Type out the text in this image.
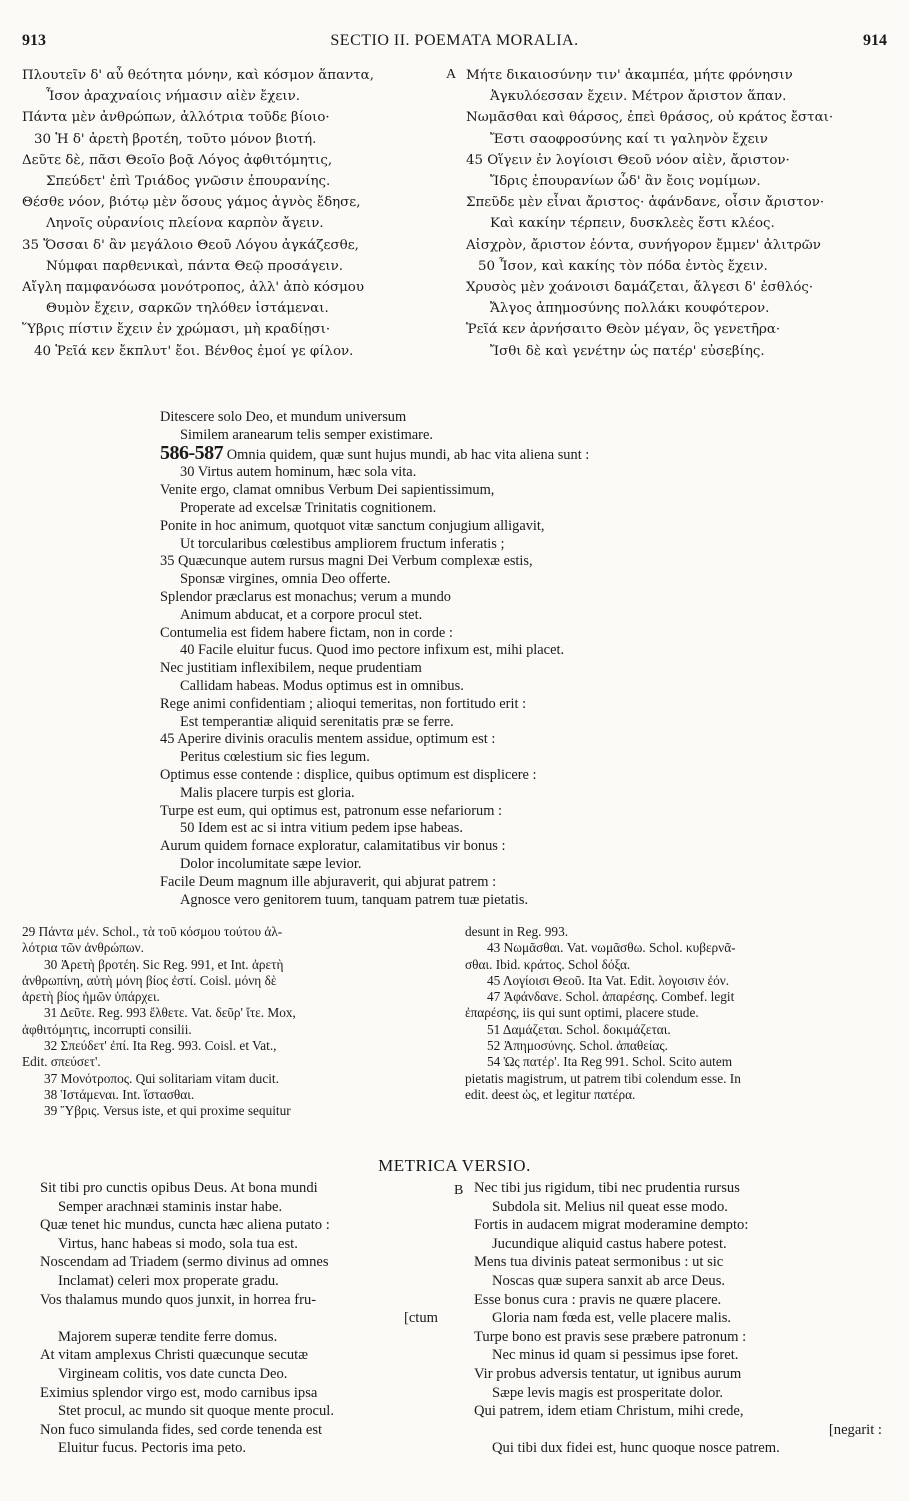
913	SECTIO II. POEMATA MORALIA.	914
Πλουτεῖν δ' αὖ θεότητα μόνην, καὶ κόσμον ἅπαντα,
Ἶσον ἀραχναίοις νήμασιν αἰὲν ἔχειν.
Πάντα μὲν ἀνθρώπων, ἀλλότρια τοῦδε βίοιο·
30 Ἡ δ' ἀρετὴ βροτέη, τοῦτο μόνον βιοτή.
Δεῦτε δὲ, πᾶσι Θεοῖο βοᾷ Λόγος ἀφθιτόμητις,
Σπεύδετ' ἐπὶ Τριάδος γνῶσιν ἐπουρανίης.
Θέσθε νόον, βιότῳ μὲν ὅσους γάμος ἁγνὸς ἔδησε,
Ληνοῖς οὐρανίοις πλείονα καρπὸν ἄγειν.
35 Ὅσσαι δ' ἂν μεγάλοιο Θεοῦ Λόγου ἀγκάζεσθε,
Νύμφαι παρθενικαὶ, πάντα Θεῷ προσάγειν.
Αἴγλη παμφανόωσα μονότροπος, ἀλλ' ἀπὸ κόσμου
Θυμὸν ἔχειν, σαρκῶν τηλόθεν ἱστάμεναι.
Ὕβρις πίστιν ἔχειν ἐν χρώμασι, μὴ κραδίῃσι·
40 Ῥεῖά κεν ἔκπλυτ' ἔοι. Βένθος ἐμοί γε φίλον.
A Μήτε δικαιοσύνην τιν' ἀκαμπέα, μήτε φρόνησιν
Ἀγκυλόεσσαν ἔχειν. Μέτρον ἄριστον ἅπαν.
Νωμᾶσθαι καὶ θάρσος, ἐπεὶ θράσος, οὐ κράτος ἔσται·
Ἔστι σαοφροσύνης καί τι γαληνὸν ἔχειν
45 Οἵγειν ἐν λογίοισι Θεοῦ νόον αἰὲν, ἄριστον·
Ἴδρις ἐπουρανίων ὧδ' ἂν ἔοις νομίμων.
Σπεῦδε μὲν εἶναι ἄριστος· ἁφάνδανε, οἷσιν ἄριστον·
Καὶ κακίην τέρπειν, δυσκλεὲς ἔστι κλέος.
Αἰσχρὸν, ἄριστον ἐόντα, συνήγορον ἔμμεν' ἀλιτρῶν
50 Ἶσον, καὶ κακίης τὸν πόδα ἐντὸς ἔχειν.
Χρυσὸς μὲν χοάνοισι δαμάζεται, ἄλγεσι δ' ἐσθλός·
Ἄλγος ἀπημοσύνης πολλάκι κουφότερον.
Ῥεῖά κεν ἀρνήσαιτο Θεὸν μέγαν, ὃς γενετῆρα·
Ἴσθι δὲ καὶ γενέτην ὡς πατέρ' εὐσεβίης.
Ditescere solo Deo, et mundum universum
Similem aranearum telis semper existimare.
586-587 Omnia quidem, quæ sunt hujus mundi, ab hac vita aliena sunt :
30 Virtus autem hominum, hæc sola vita.
Venite ergo, clamat omnibus Verbum Dei sapientissimum,
Properate ad excelsæ Trinitatis cognitionem.
Ponite in hoc animum, quotquot vitæ sanctum conjugium alligavit,
Ut torcularibus cœlestibus ampliorem fructum inferatis ;
35 Quæcunque autem rursus magni Dei Verbum complexæ estis,
Sponsæ virgines, omnia Deo offerte.
Splendor præclarus est monachus; verum a mundo
Animum abducat, et a corpore procul stet.
Contumelia est fidem habere fictam, non in corde :
40 Facile eluitur fucus. Quod imo pectore infixum est, mihi placet.
Nec justitiam inflexibilem, neque prudentiam
Callidam habeas. Modus optimus est in omnibus.
Rege animi confidentiam ; alioqui temeritas, non fortitudo erit :
Est temperantiæ aliquid serenitatis præ se ferre.
45 Aperire divinis oraculis mentem assidue, optimum est :
Peritus cœlestium sic fies legum.
Optimus esse contende : displice, quibus optimum est displicere :
Malis placere turpis est gloria.
Turpe est eum, qui optimus est, patronum esse nefariorum :
50 Idem est ac si intra vitium pedem ipse habeas.
Aurum quidem fornace exploratur, calamitatibus vir bonus :
Dolor incolumitate sæpe levior.
Facile Deum magnum ille abjuraverit, qui abjurat patrem :
Agnosce vero genitorem tuum, tanquam patrem tuæ pietatis.
29 Πάντα μέν. Schol., τὰ τοῦ κόσμου τούτου ἀλ-
λότρια τῶν ἀνθρώπων.
30 Ἀρετὴ βροτέη. Sic Reg. 991, et Int. ἀρετὴ
ἀνθρωπίνη, αὐτὴ μόνη βίος ἐστί. Coisl. μόνη δὲ
ἀρετὴ βίος ἡμῶν ὑπάρχει.
31 Δεῦτε. Reg. 993 ἔλθετε. Vat. δεῦρ' ἴτε. Mox,
ἀφθιτόμητις, incorrupti consilii.
32 Σπεύδετ' ἐπί. Ita Reg. 993. Coisl. et Vat.,
Edit. σπεύσετ'.
37 Μονότροπος. Qui solitariam vitam ducit.
38 Ἱστάμεναι. Int. ἵστασθαι.
39 Ὕβρις. Versus iste, et qui proxime sequitur
desunt in Reg. 993.
43 Νωμᾶσθαι. Vat. νωμᾶσθω. Schol. κυβερνᾶ-
σθαι. Ibid. κράτος. Schol δόξα.
45 Λογίοισι Θεοῦ. Ita Vat. Edit. λογοισιν ἐόν.
47 Ἁφάνδανε. Schol. ἀπαρέσης. Combef. legit
ἐπαρέσης, iis qui sunt optimi, placere stude.
51 Δαμάζεται. Schol. δοκιμάζεται.
52 Ἀπημοσύνης. Schol. ἀπαθείας.
54 Ὡς πατέρ'. Ita Reg 991. Schol. Scito autem
pietatis magistrum, ut patrem tibi colendum esse. In
edit. deest ὡς, et legitur πατέρα.
METRICA VERSIO.
Sit tibi pro cunctis opibus Deus. At bona mundi
Semper arachnæi staminis instar habe.
Quæ tenet hic mundus, cuncta hæc aliena putato :
Virtus, hanc habeas si modo, sola tua est.
Noscendam ad Triadem (sermo divinus ad omnes
Inclamat) celeri mox properate gradu.
Vos thalamus mundo quos junxit, in horrea fru-
[ctum
Majorem superæ tendite ferre domus.
At vitam amplexus Christi quæcunque secutæ
Virgineam colitis, vos date cuncta Deo.
Eximius splendor virgo est, modo carnibus ipsa
Stet procul, ac mundo sit quoque mente procul.
Non fuco simulanda fides, sed corde tenenda est
Eluitur fucus. Pectoris ima peto.
B Nec tibi jus rigidum, tibi nec prudentia rursus
Subdola sit. Melius nil queat esse modo.
Fortis in audacem migrat moderamine dempto:
Jucundique aliquid castus habere potest.
Mens tua divinis pateat sermonibus : ut sic
Noscas quæ supera sanxit ab arce Deus.
Esse bonus cura : pravis ne quære placere.
Gloria nam fœda est, velle placere malis.
Turpe bono est pravis sese præbere patronum :
Nec minus id quam si pessimus ipse foret.
Vir probus adversis tentatur, ut ignibus aurum
Sæpe levis magis est prosperitate dolor.
Qui patrem, idem etiam Christum, mihi crede,
[negarit :
Qui tibi dux fidei est, hunc quoque nosce patrem.
